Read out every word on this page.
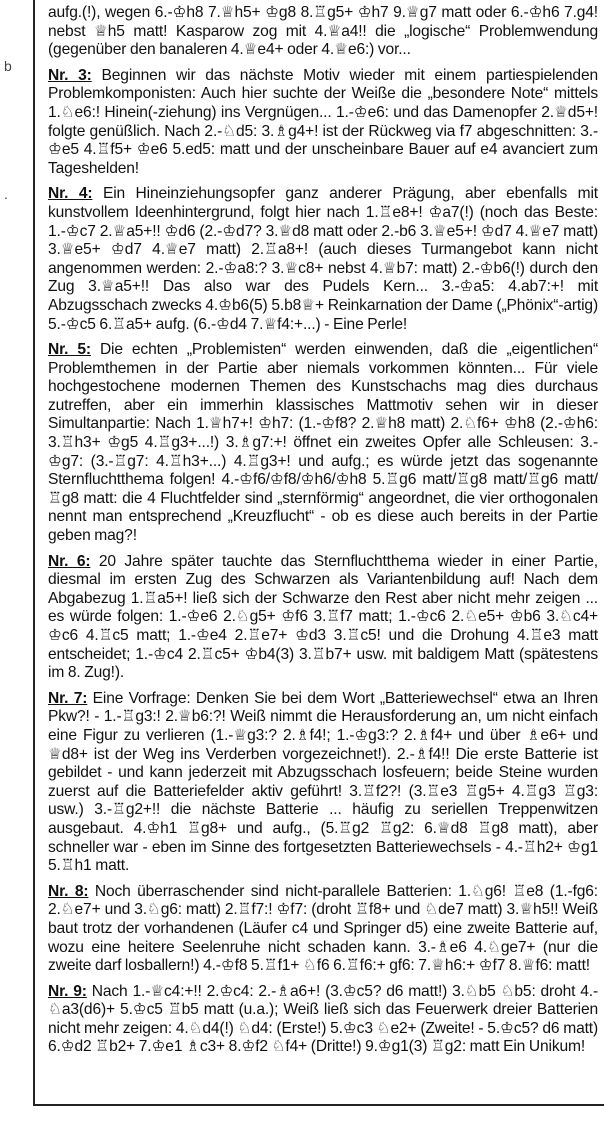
b
.

aufg.(!), wegen 6.-♔h8 7.♕h5+ ♔g8 8.♖g5+ ♔h7 9.♕g7 matt oder 6.-♔h6 7.g4! nebst ♕h5 matt! Kasparow zog mit 4.♕a4!! die „logische“ Problemwendung (gegenüber den banaleren 4.♕e4+ oder 4.♕e6:) vor...

Nr. 3: Beginnen wir das nächste Motiv wieder mit einem partiespielenden Problemkomponisten: Auch hier suchte der Weiße die „besondere Note“ mittels 1.♘e6:! Hinein(-ziehung) ins Vergnügen... 1.-♔e6: und das Damenopfer 2.♕d5+! folgte genüßlich. Nach 2.-♘d5: 3.♗g4+! ist der Rückweg via f7 abgeschnitten: 3.-♔e5 4.♖f5+ ♔e6 5.ed5: matt und der unscheinbare Bauer auf e4 avanciert zum Tageshelden!

Nr. 4: Ein Hineinziehungsopfer ganz anderer Prägung, aber ebenfalls mit kunstvollem Ideenhintergrund, folgt hier nach 1.♖e8+! ♔a7(!) (noch das Beste: 1.-♔c7 2.♕a5+!! ♔d6 (2.-♔d7? 3.♕d8 matt oder 2.-b6 3.♕e5+! ♔d7 4.♕e7 matt) 3.♕e5+ ♔d7 4.♕e7 matt) 2.♖a8+! (auch dieses Turmangebot kann nicht angenommen werden: 2.-♔a8:? 3.♕c8+ nebst 4.♕b7: matt) 2.-♔b6(!) durch den Zug 3.♕a5+!! Das also war des Pudels Kern... 3.-♔a5: 4.ab7:+! mit Abzugsschach zwecks 4.♔b6(5) 5.b8♕+ Reinkarnation der Dame („Phönix“-artig) 5.-♔c5 6.♖a5+ aufg. (6.-♔d4 7.♕f4:+...) - Eine Perle!

Nr. 5: Die echten „Problemisten“ werden einwenden, daß die „eigentlichen“ Problemthemen in der Partie aber niemals vorkommen könnten... Für viele hochgestochene modernen Themen des Kunstschachs mag dies durchaus zutreffen, aber ein immerhin klassisches Mattmotiv sehen wir in dieser Simultanpartie: Nach 1.♕h7+! ♔h7: (1.-♔f8? 2.♕h8 matt) 2.♘f6+ ♔h8 (2.-♔h6: 3.♖h3+ ♔g5 4.♖g3+...!) 3.♗g7:+! öffnet ein zweites Opfer alle Schleusen: 3.-♔g7: (3.-♖g7: 4.♖h3+...) 4.♖g3+! und aufg.; es würde jetzt das sogenannte Sternfluchtthema folgen! 4.-♔f6/♔f8/♔h6/♔h8 5.♖g6 matt/♖g8 matt/♖g6 matt/♖g8 matt: die 4 Fluchtfelder sind „sternförmig“ angeordnet, die vier orthogonalen nennt man entsprechend „Kreuzflucht“ - ob es diese auch bereits in der Partie geben mag?!

Nr. 6: 20 Jahre später tauchte das Sternfluchtthema wieder in einer Partie, diesmal im ersten Zug des Schwarzen als Variantenbildung auf! Nach dem Abgabezug 1.♖a5+! ließ sich der Schwarze den Rest aber nicht mehr zeigen ... es würde folgen: 1.-♔e6 2.♘g5+ ♔f6 3.♖f7 matt; 1.-♔c6 2.♘e5+ ♔b6 3.♘c4+ ♔c6 4.♖c5 matt; 1.-♔e4 2.♖e7+ ♔d3 3.♖c5! und die Drohung 4.♖e3 matt entscheidet; 1.-♔c4 2.♖c5+ ♔b4(3) 3.♖b7+ usw. mit baldigem Matt (spätestens im 8. Zug!).

Nr. 7: Eine Vorfrage: Denken Sie bei dem Wort „Batteriewechsel“ etwa an Ihren Pkw?! - 1.-♖g3:! 2.♕b6:?! Weiß nimmt die Herausforderung an, um nicht einfach eine Figur zu verlieren (1.-♕g3:? 2.♗f4!; 1.-♔g3:? 2.♗f4+ und über ♗e6+ und ♕d8+ ist der Weg ins Verderben vorgezeichnet!). 2.-♗f4!! Die erste Batterie ist gebildet - und kann jederzeit mit Abzugsschach losfeuern; beide Steine wurden zuerst auf die Batteriefelder aktiv geführt! 3.♖f2?! (3.♖e3 ♖g5+ 4.♖g3 ♖g3: usw.) 3.-♖g2+!! die nächste Batterie ... häufig zu seriellen Treppenwitzen ausgebaut. 4.♔h1 ♖g8+ und aufg., (5.♖g2 ♖g2: 6.♕d8 ♖g8 matt), aber schneller war - eben im Sinne des fortgesetzten Batteriewechsels - 4.-♖h2+ ♔g1 5.♖h1 matt.

Nr. 8: Noch überraschender sind nicht-parallele Batterien: 1.♘g6! ♖e8 (1.-fg6: 2.♘e7+ und 3.♘g6: matt) 2.♖f7:! ♔f7: (droht ♖f8+ und ♘de7 matt) 3.♕h5!! Weiß baut trotz der vorhandenen (Läufer c4 und Springer d5) eine zweite Batterie auf, wozu eine heitere Seelenruhe nicht schaden kann. 3.-♗e6 4.♘ge7+ (nur die zweite darf losballern!) 4.-♔f8 5.♖f1+ ♘f6 6.♖f6:+ gf6: 7.♕h6:+ ♔f7 8.♕f6: matt!

Nr. 9: Nach 1.-♕c4:+!! 2.♔c4: 2.-♗a6+! (3.♔c5? d6 matt!) 3.♘b5 ♘b5: droht 4.-♘a3(d6)+ 5.♔c5 ♖b5 matt (u.a.); Weiß ließ sich das Feuerwerk dreier Batterien nicht mehr zeigen: 4.♘d4(!) ♘d4: (Erste!) 5.♔c3 ♘e2+ (Zweite! - 5.♔c5? d6 matt) 6.♔d2 ♖b2+ 7.♔e1 ♗c3+ 8.♔f2 ♘f4+ (Dritte!) 9.♔g1(3) ♖g2: matt Ein Unikum!
